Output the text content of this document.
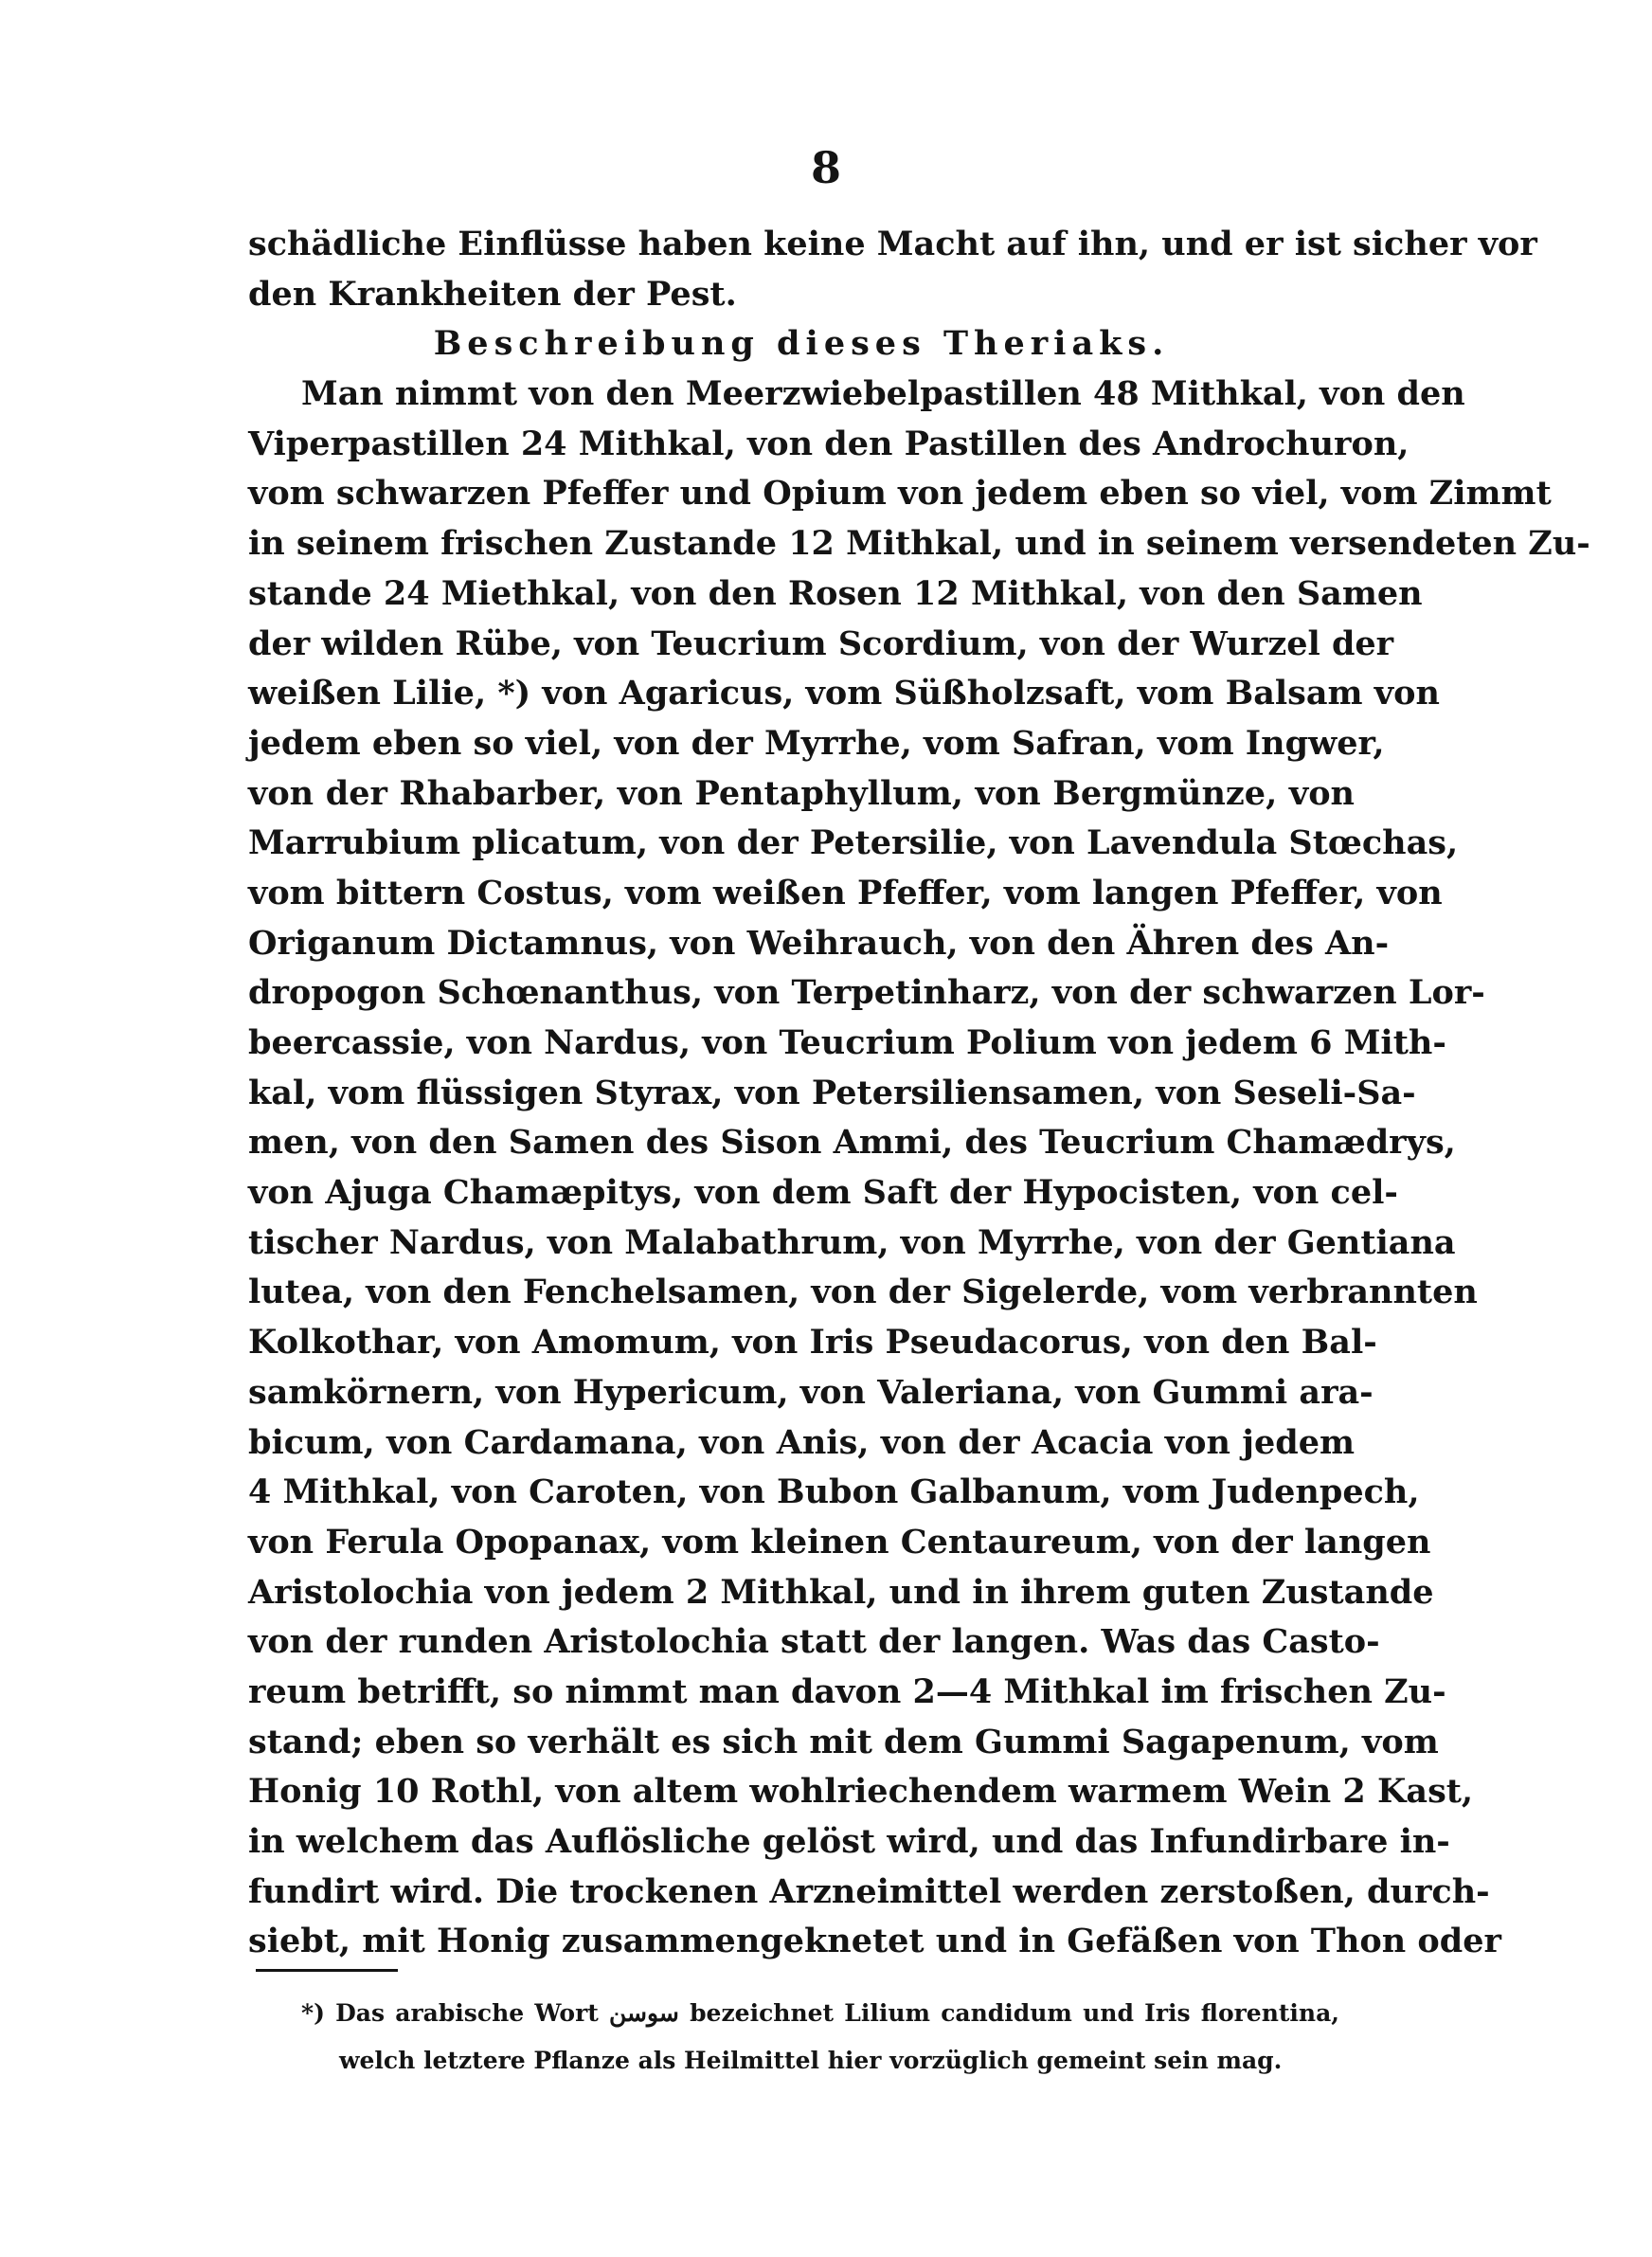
8
schädliche Einflüsse haben keine Macht auf ihn, und er ist sicher vor
den Krankheiten der Pest.
Beschreibung dieses Theriaks.
Man nimmt von den Meerzwiebelpastillen 48 Mithkal, von den
Viperpastillen 24 Mithkal, von den Pastillen des Androchuron,
vom schwarzen Pfeffer und Opium von jedem eben so viel, vom Zimmt
in seinem frischen Zustande 12 Mithkal, und in seinem versendeten Zu-
stande 24 Miethkal, von den Rosen 12 Mithkal, von den Samen
der wilden Rübe, von Teucrium Scordium, von der Wurzel der
weißen Lilie, *) von Agaricus, vom Süßholzsaft, vom Balsam von
jedem eben so viel, von der Myrrhe, vom Safran, vom Ingwer,
von der Rhabarber, von Pentaphyllum, von Bergmünze, von
Marrubium plicatum, von der Petersilie, von Lavendula Stœchas,
vom bittern Costus, vom weißen Pfeffer, vom langen Pfeffer, von
Origanum Dictamnus, von Weihrauch, von den Ähren des An-
dropogon Schœnanthus, von Terpetinharz, von der schwarzen Lor-
beercassie, von Nardus, von Teucrium Polium von jedem 6 Mith-
kal, vom flüssigen Styrax, von Petersiliensamen, von Seseli-Sa-
men, von den Samen des Sison Ammi, des Teucrium Chamædrys,
von Ajuga Chamæpitys, von dem Saft der Hypocisten, von cel-
tischer Nardus, von Malabathrum, von Myrrhe, von der Gentiana
lutea, von den Fenchelsamen, von der Sigelerde, vom verbrannten
Kolkothar, von Amomum, von Iris Pseudacorus, von den Bal-
samkörnern, von Hypericum, von Valeriana, von Gummi ara-
bicum, von Cardamana, von Anis, von der Acacia von jedem
4 Mithkal, von Caroten, von Bubon Galbanum, vom Judenpech,
von Ferula Opopanax, vom kleinen Centaureum, von der langen
Aristolochia von jedem 2 Mithkal, und in ihrem guten Zustande
von der runden Aristolochia statt der langen. Was das Casto-
reum betrifft, so nimmt man davon 2—4 Mithkal im frischen Zu-
stand; eben so verhält es sich mit dem Gummi Sagapenum, vom
Honig 10 Rothl, von altem wohlriechendem warmem Wein 2 Kast,
in welchem das Auflösliche gelöst wird, und das Infundirbare in-
fundirt wird. Die trockenen Arzneimittel werden zerstoßen, durch-
siebt, mit Honig zusammengeknetet und in Gefäßen von Thon oder
*) Das arabische Wort سوسن bezeichnet Lilium candidum und Iris florentina,
welch letztere Pflanze als Heilmittel hier vorzüglich gemeint sein mag.
